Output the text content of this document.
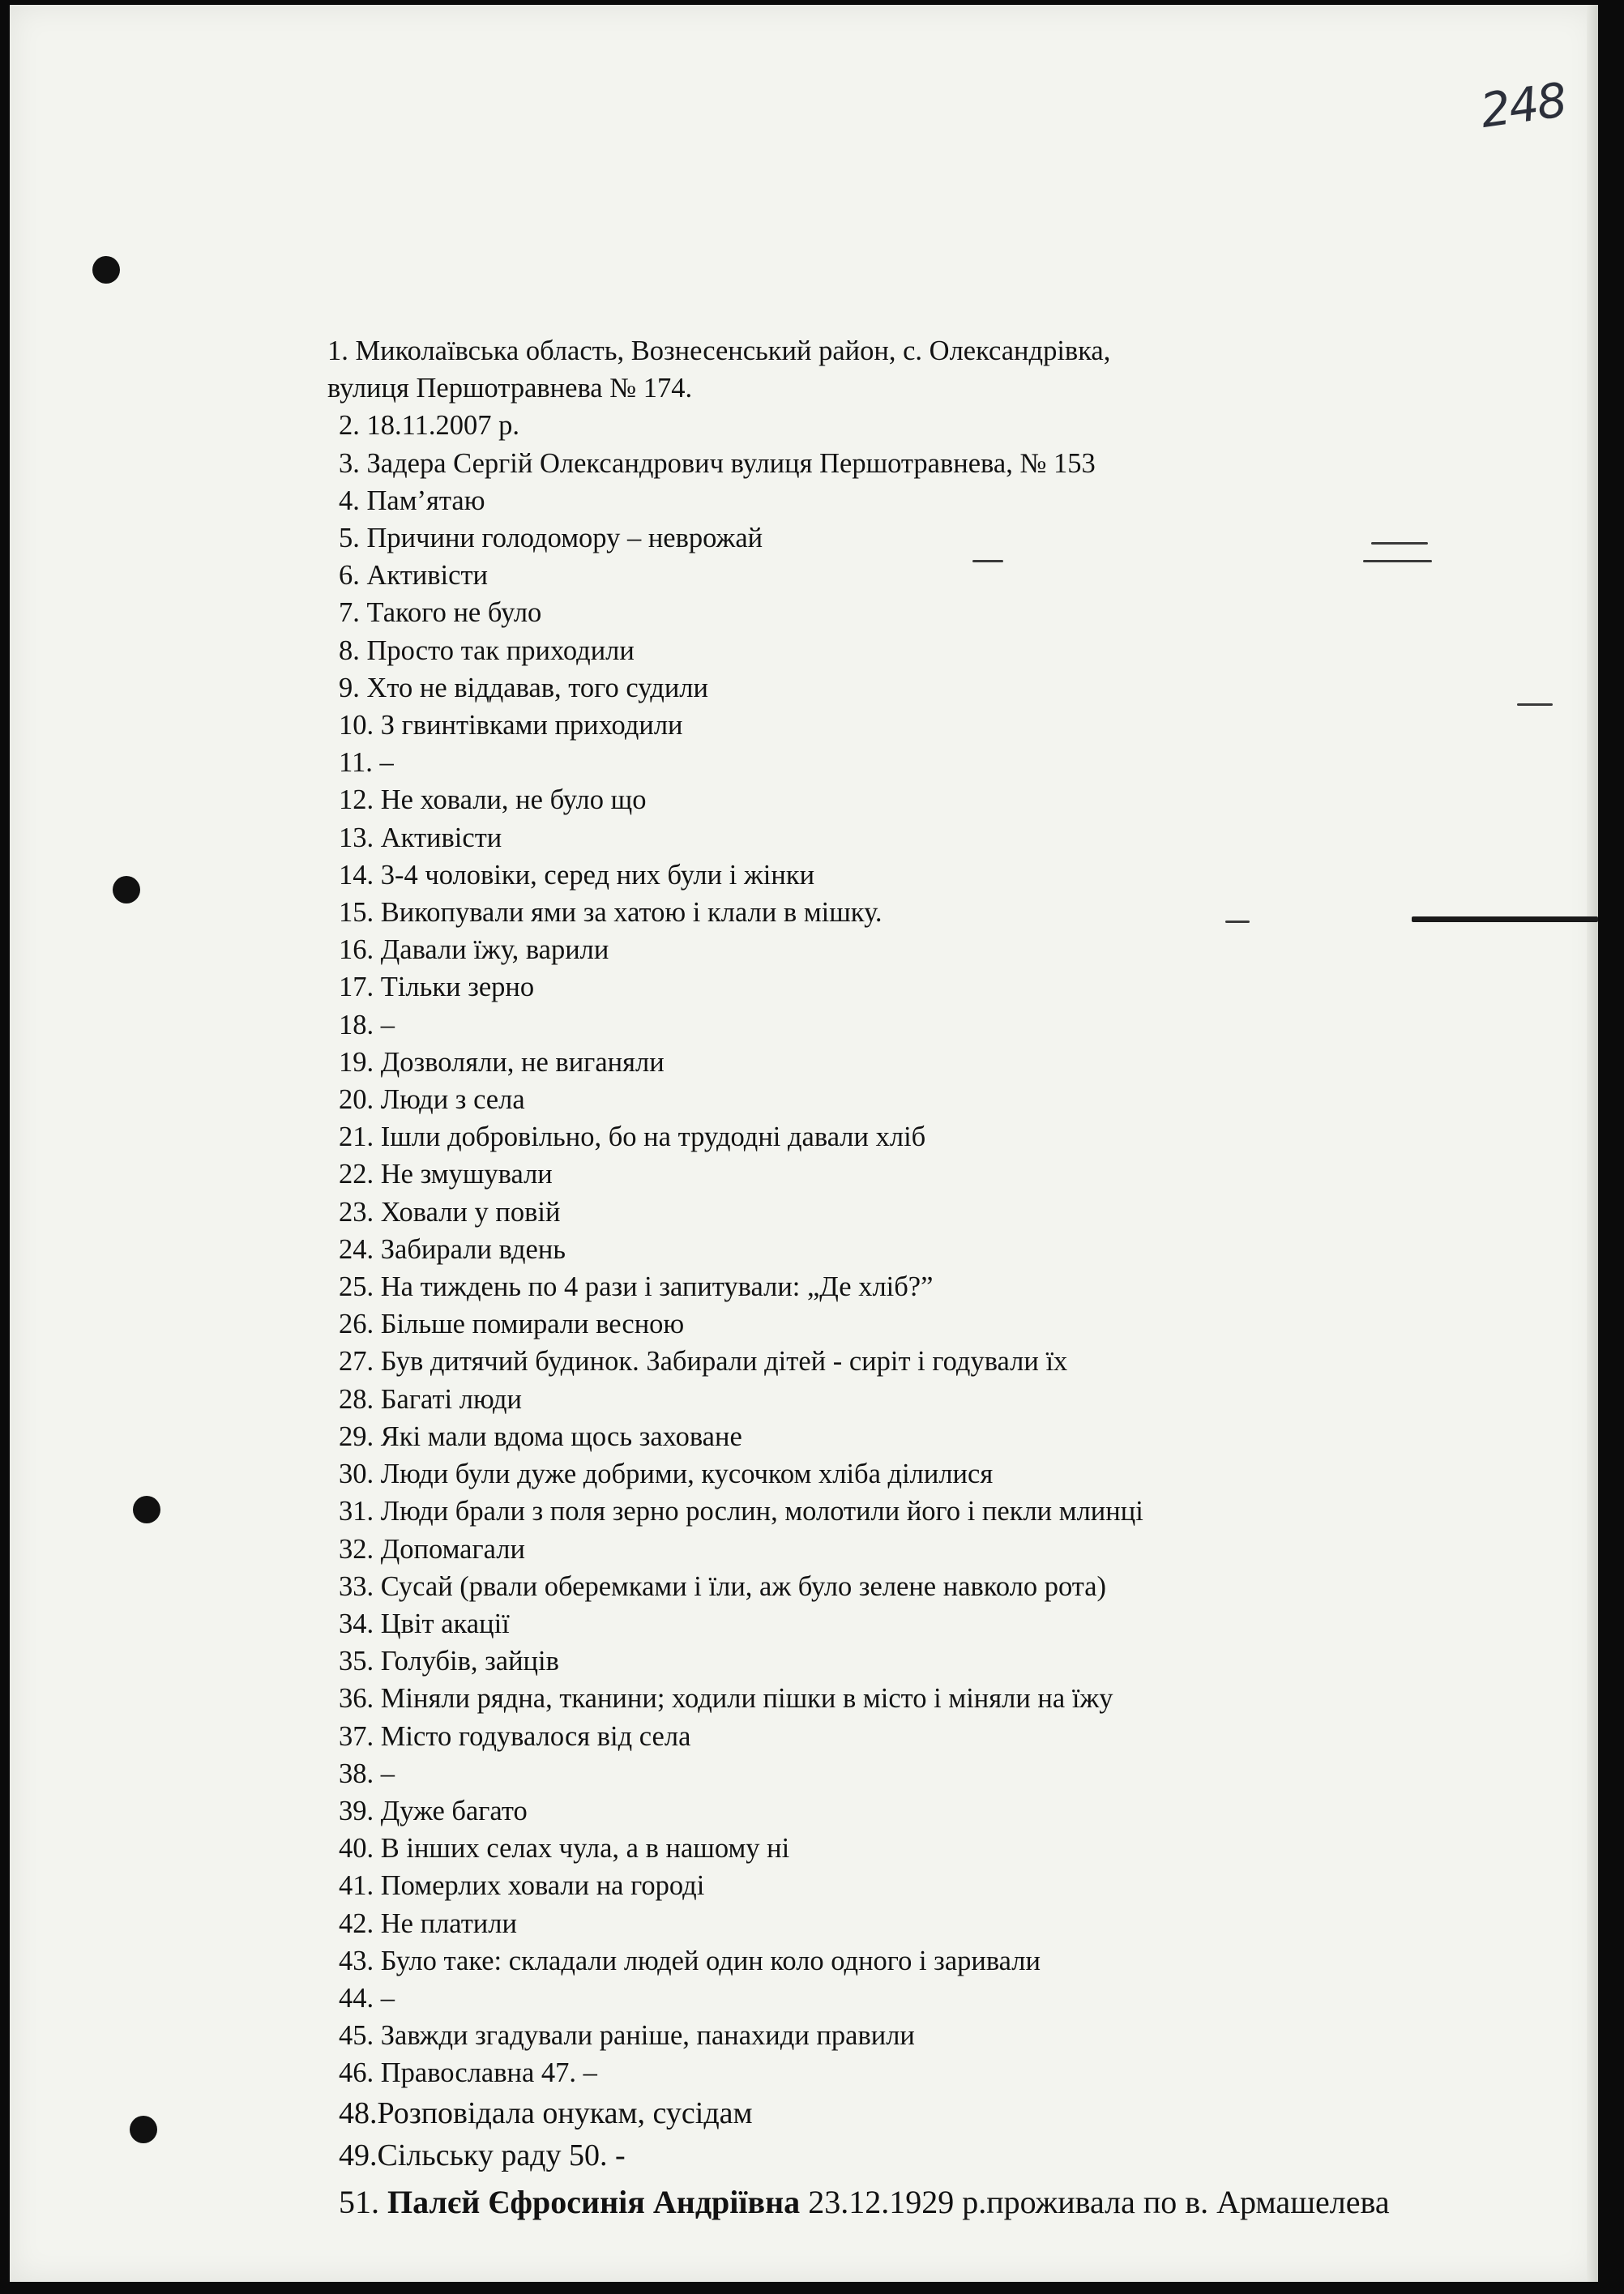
248
1. Миколаївська область, Вознесенський район, с. Олександрівка,
вулиця Першотравнева № 174.
2. 18.11.2007 р.
3. Задера Сергій Олександрович вулиця Першотравнева, № 153
4. Пам’ятаю
5. Причини голодомору – неврожай
6. Активісти
7. Такого не було
8. Просто так приходили
9. Хто не віддавав, того судили
10. З гвинтівками приходили
11. –
12. Не ховали, не було що
13. Активісти
14. 3-4 чоловіки, серед них були і жінки
15. Викопували ями за хатою і клали в мішку.
16. Давали їжу, варили
17. Тільки зерно
18. –
19. Дозволяли, не виганяли
20. Люди з села
21. Ішли добровільно, бо на трудодні давали хліб
22. Не змушували
23. Ховали у повій
24. Забирали вдень
25. На тиждень по 4 рази і запитували: „Де хліб?”
26. Більше помирали весною
27. Був дитячий будинок. Забирали дітей - сиріт і годували їх
28. Багаті люди
29. Які мали вдома щось заховане
30. Люди були дуже добрими, кусочком хліба ділилися
31. Люди брали з поля зерно рослин, молотили його і пекли млинці
32. Допомагали
33. Сусай (рвали оберемками і їли, аж було зелене навколо рота)
34. Цвіт акації
35. Голубів, зайців
36. Міняли рядна, тканини; ходили пішки в місто і міняли на їжу
37. Місто годувалося від села
38. –
39. Дуже багато
40. В інших селах чула, а в нашому ні
41. Померлих ховали на городі
42. Не платили
43. Було таке: складали людей один коло одного і заривали
44. –
45. Завжди згадували раніше, панахиди правили
46. Православна 47. –
48.Розповідала онукам, сусідам
49.Сільську раду 50. -
51. Палєй Єфросинія Андріївна 23.12.1929 р.проживала по в. Армашелева
